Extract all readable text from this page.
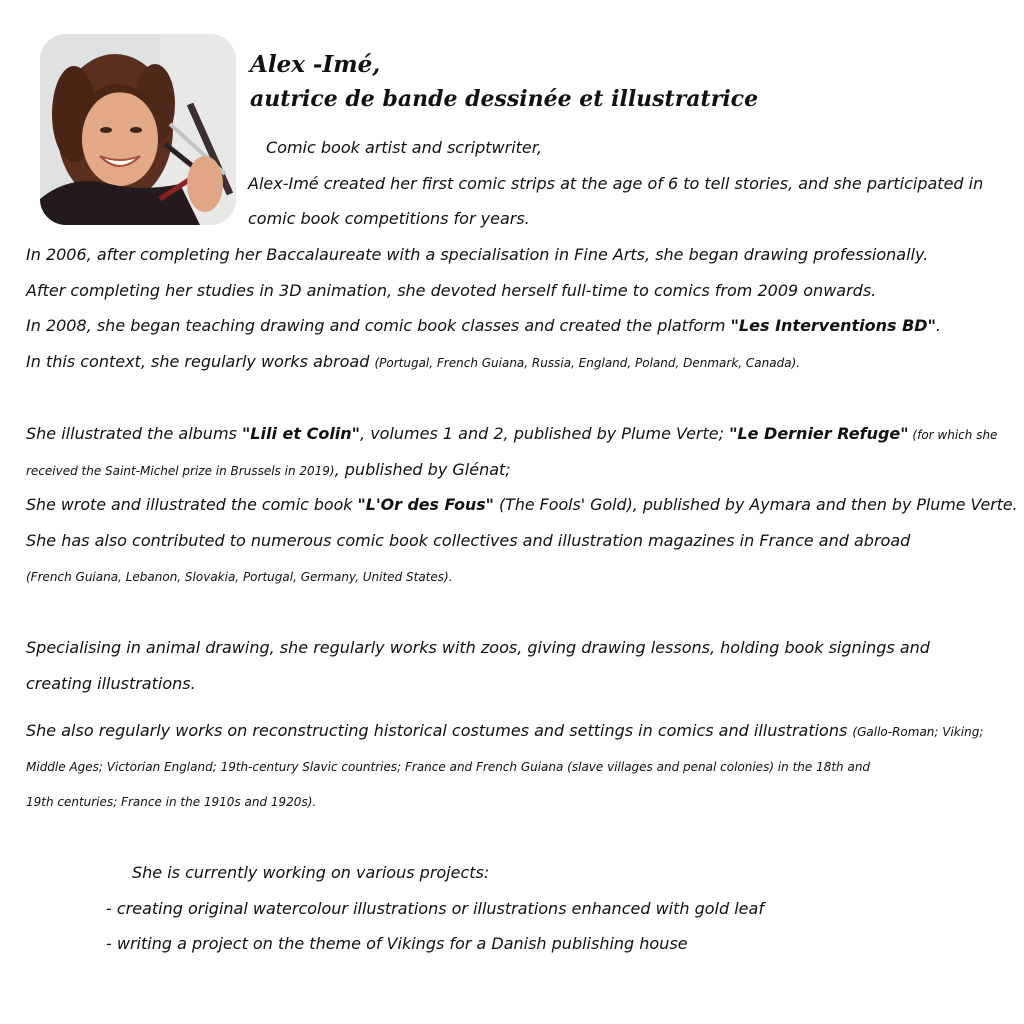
Alex -Imé,
autrice de bande dessinée et illustratrice

Comic book artist and scriptwriter,

Alex-Imé created her first comic strips at the age of 6 to tell stories, and she participated in

comic book competitions for years.

In 2006, after completing her Baccalaureate with a specialisation in Fine Arts, she began drawing professionally.

After completing her studies in 3D animation, she devoted herself full-time to comics from 2009 onwards.

In 2008, she began teaching drawing and comic book classes and created the platform "Les Interventions BD".

In this context, she regularly works abroad (Portugal, French Guiana, Russia, England, Poland, Denmark, Canada).

She illustrated the albums "Lili et Colin", volumes 1 and 2, published by Plume Verte; "Le Dernier Refuge" (for which she

received the Saint-Michel prize in Brussels in 2019), published by Glénat;

She wrote and illustrated the comic book "L'Or des Fous" (The Fools' Gold), published by Aymara and then by Plume Verte.

She has also contributed to numerous comic book collectives and illustration magazines in France and abroad

(French Guiana, Lebanon, Slovakia, Portugal, Germany, United States).

Specialising in animal drawing, she regularly works with zoos, giving drawing lessons, holding book signings and

creating illustrations.

She also regularly works on reconstructing historical costumes and settings in comics and illustrations (Gallo-Roman; Viking;

Middle Ages; Victorian England; 19th-century Slavic countries; France and French Guiana (slave villages and penal colonies) in the 18th and

19th centuries; France in the 1910s and 1920s).

She is currently working on various projects:

- creating original watercolour illustrations or illustrations enhanced with gold leaf

- writing a project on the theme of Vikings for a Danish publishing house
